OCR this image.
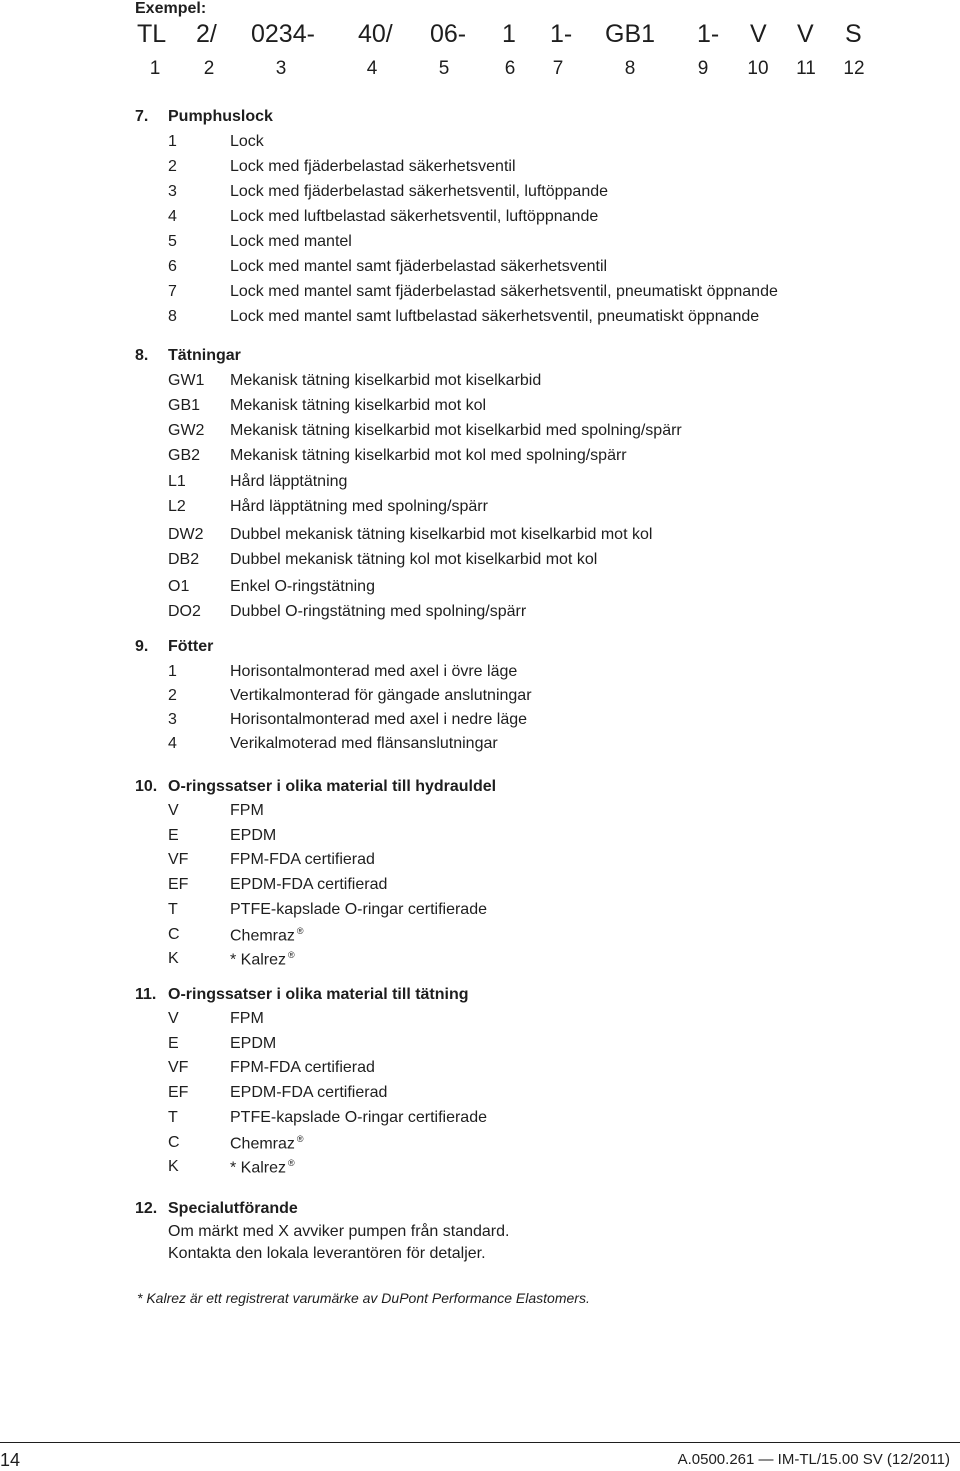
Exempel:
TL 2/ 0234- 40/ 06- 1 1- GB1 1- V V S
1 2	3	4	5	6 7	8	9 10 11 12
7. Pumphuslock
1	Lock
2	Lock med fjäderbelastad säkerhetsventil
3	Lock med fjäderbelastad säkerhetsventil, luftöppande
4	Lock med luftbelastad säkerhetsventil, luftöppnande
5	Lock med mantel
6	Lock med mantel samt fjäderbelastad säkerhetsventil
7	Lock med mantel samt fjäderbelastad säkerhetsventil, pneumatiskt öppnande
8	Lock med mantel samt luftbelastad säkerhetsventil, pneumatiskt öppnande
8. Tätningar
GW1 Mekanisk tätning kiselkarbid mot kiselkarbid
GB1 Mekanisk tätning kiselkarbid mot kol
GW2 Mekanisk tätning kiselkarbid mot kiselkarbid med spolning/spärr
GB2 Mekanisk tätning kiselkarbid mot kol med spolning/spärr
L1	Hård läpptätning
L2	Hård läpptätning med spolning/spärr
DW2 Dubbel mekanisk tätning kiselkarbid mot kiselkarbid mot kol
DB2 Dubbel mekanisk tätning kol mot kiselkarbid mot kol
O1	Enkel O-ringstätning
DO2 Dubbel O-ringstätning med spolning/spärr
9. Fötter
1	Horisontalmonterad med axel i övre läge
2	Vertikalmonterad för gängade anslutningar
3	Horisontalmonterad med axel i nedre läge
4	Verikalmoterad med flänsanslutningar
10. O-ringssatser i olika material till hydrauldel
V	FPM
E	EPDM
VF	FPM-FDA certifierad
EF	EPDM-FDA certifierad
T	PTFE-kapslade O-ringar certifierade
C	Chemraz ®
K	* Kalrez ®
11. O-ringssatser i olika material till tätning
V	FPM
E	EPDM
VF	FPM-FDA certifierad
EF	EPDM-FDA certifierad
T	PTFE-kapslade O-ringar certifierade
C	Chemraz ®
K	* Kalrez ®
12. Specialutförande
Om märkt med X avviker pumpen från standard.
Kontakta den lokala leverantören för detaljer.
* Kalrez är ett registrerat varumärke av DuPont Performance Elastomers.
14	A.0500.261 — IM-TL/15.00 SV (12/2011)
